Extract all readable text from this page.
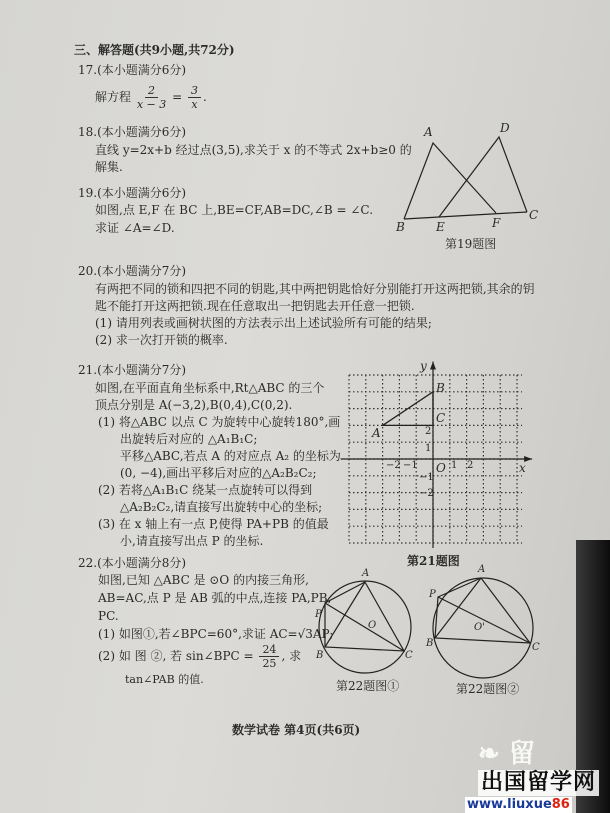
三、解答题(共9小题,共72分)
17.(本小题满分6分)
解方程 $\frac{2}{x - 3} = \frac{3}{x}$ .
18.(本小题满分6分)
直线 y=2x+b 经过点(3,5),求关于 x 的不等式 2x+b≥0 的
解集.
19.(本小题满分6分)
如图,点 E,F 在 BC 上,BE=CF,AB=DC,∠B = ∠C.
求证 ∠A=∠D.
A	D
B	E	F
C
第19题图
20.(本小题满分7分)
有两把不同的锁和四把不同的钥匙,其中两把钥匙恰好分别能打开这两把锁,其余的钥
匙不能打开这两把锁.现在任意取出一把钥匙去开任意一把锁.
(1) 请用列表或画树状图的方法表示出上述试验所有可能的结果;
(2) 求一次打开锁的概率.
21.(本小题满分7分)
如图,在平面直角坐标系中,Rt△ABC 的三个
顶点分别是 A(−3,2),B(0,4),C(0,2).
(1) 将△ABC 以点 C 为旋转中心旋转180°,画
出旋转后对应的 △A₁B₁C;
平移△ABC,若点 A 的对应点 A₂ 的坐标为
(0, −4),画出平移后对应的△A₂B₂C₂;
(2) 若将△A₁B₁C 绕某一点旋转可以得到
△A₂B₂C₂,请直接写出旋转中心的坐标;
(3) 在 x 轴上有一点 P,使得 PA+PB 的值最
小,请直接写出点 P 的坐标.
y
x
O
−2 −1	1 2
2
1
−1
−2
A
B
C
第21题图
22.(本小题满分8分)
如图,已知 △ABC 是 ⊙O 的内接三角形,
AB=AC,点 P 是 AB 弧的中点,连接 PA,PB,
PC.
(1) 如图①,若∠BPC=60°,求证 AC=√3AP;
(2) 如 图 ②, 若 sin∠BPC = $\frac{24}{25}$ , 求
tan∠PAB 的值.
A
P
B	C
O
第22题图①
A
P
B	C
O'
第22题图②
数学试卷 第4页(共6页)
❧ 留
出国留学网
www.liuxue86
